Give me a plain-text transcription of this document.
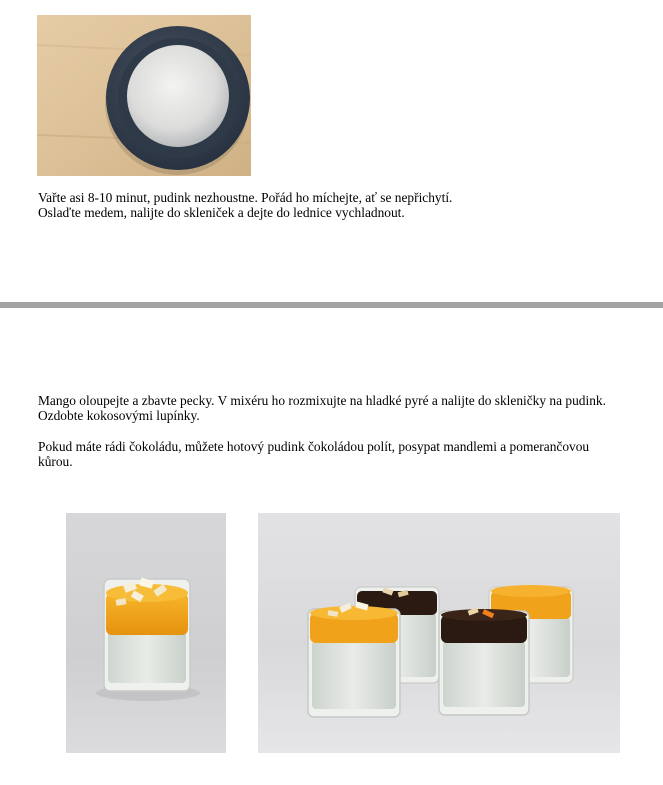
Vařte asi 8-10 minut, pudink nezhoustne. Pořád ho míchejte, ať se nepřichytí.
Oslaďte medem, nalijte do skleniček a dejte do lednice vychladnout.

Mango oloupejte a zbavte pecky. V mixéru ho rozmixujte na hladké pyré a nalijte do skleničky na pudink.
Ozdobte kokosovými lupínky.

Pokud máte rádi čokoládu, můžete hotový pudink čokoládou polít, posypat mandlemi a pomerančovou
kůrou.
